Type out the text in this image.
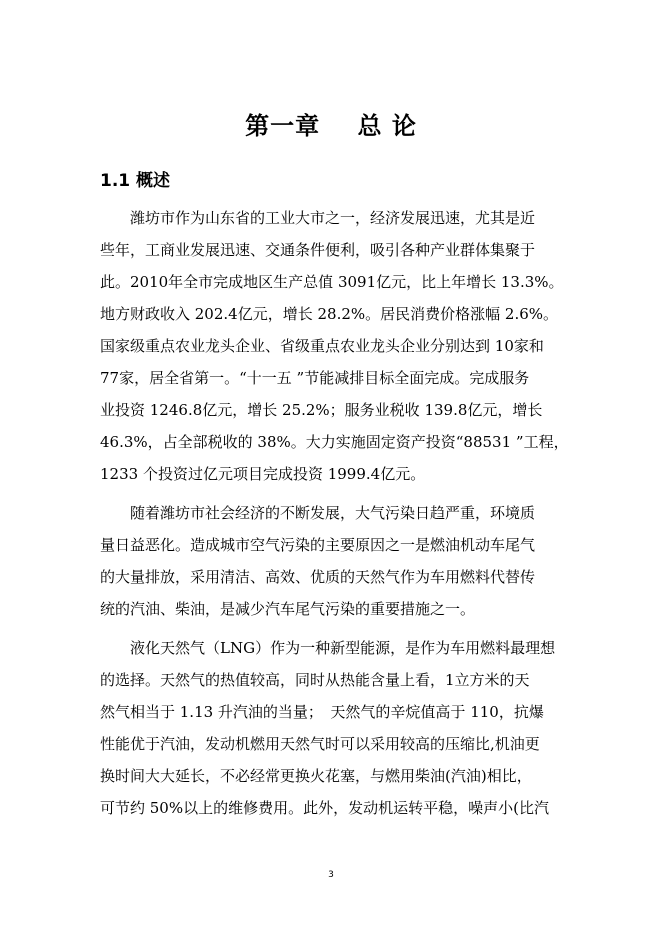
第一章    总 论
1.1 概述
　　潍坊市作为山东省的工业大市之一，经济发展迅速，尤其是近
些年，工商业发展迅速、交通条件便利，吸引各种产业群体集聚于
此。2010年全市完成地区生产总值 3091亿元，比上年增长 13.3%。
地方财政收入 202.4亿元，增长 28.2%。居民消费价格涨幅 2.6%。
国家级重点农业龙头企业、省级重点农业龙头企业分别达到 10家和
77家，居全省第一。“十一五 ”节能减排目标全面完成。完成服务
业投资 1246.8亿元，增长 25.2%；服务业税收 139.8亿元，增长
46.3%，占全部税收的 38%。大力实施固定资产投资“88531 ”工程，
1233 个投资过亿元项目完成投资 1999.4亿元。
　　随着潍坊市社会经济的不断发展，大气污染日趋严重，环境质
量日益恶化。造成城市空气污染的主要原因之一是燃油机动车尾气
的大量排放，采用清洁、高效、优质的天然气作为车用燃料代替传
统的汽油、柴油，是减少汽车尾气污染的重要措施之一。
　　液化天然气（LNG）作为一种新型能源，是作为车用燃料最理想
的选择。天然气的热值较高，同时从热能含量上看，1立方米的天
然气相当于 1.13 升汽油的当量；　天然气的辛烷值高于 110，抗爆
性能优于汽油，发动机燃用天然气时可以采用较高的压缩比,机油更
换时间大大延长，不必经常更换火花塞，与燃用柴油(汽油)相比，
可节约 50%以上的维修费用。此外，发动机运转平稳，噪声小(比汽
3
